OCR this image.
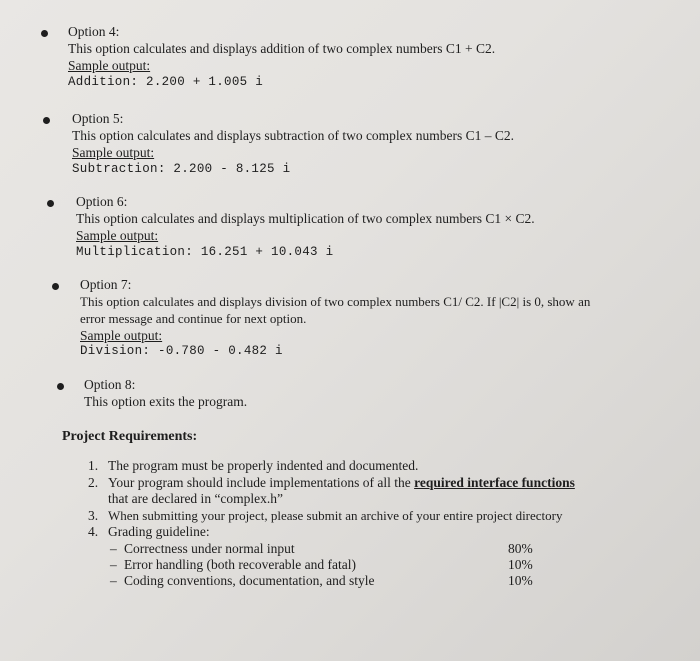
Option 4:
This option calculates and displays addition of two complex numbers C1 + C2.
Sample output:
Addition: 2.200 + 1.005 i
Option 5:
This option calculates and displays subtraction of two complex numbers C1 – C2.
Sample output:
Subtraction: 2.200 - 8.125 i
Option 6:
This option calculates and displays multiplication of two complex numbers C1 × C2.
Sample output:
Multiplication: 16.251 + 10.043 i
Option 7:
This option calculates and displays division of two complex numbers C1/ C2. If |C2| is 0, show an
error message and continue for next option.
Sample output:
Division: -0.780 - 0.482 i
Option 8:
This option exits the program.
Project Requirements:
1. The program must be properly indented and documented.
2. Your program should include implementations of all the required interface functions
that are declared in “complex.h”
3. When submitting your project, please submit an archive of your entire project directory
4. Grading guideline:
– Correctness under normal input	80%
– Error handling (both recoverable and fatal)	10%
– Coding conventions, documentation, and style	10%
